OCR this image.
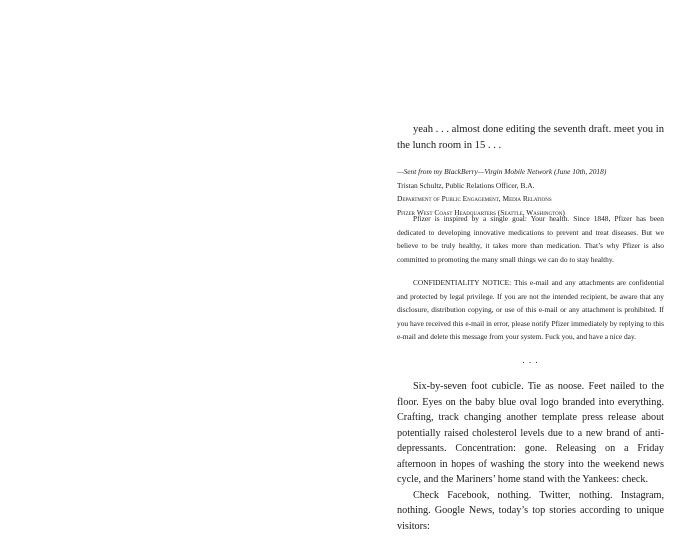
yeah . . . almost done editing the seventh draft. meet you in the lunch room in 15 . . .

—Sent from my BlackBerry—Virgin Mobile Network (June 10th, 2018)
Tristan Schultz, Public Relations Officer, B.A.
Department of Public Engagement, Media Relations
Pfizer West Coast Headquarters (Seattle, Washington)

Pfizer is inspired by a single goal: Your health. Since 1848, Pfizer has been dedicated to developing innovative medications to prevent and treat diseases. But we believe to be truly healthy, it takes more than medication. That’s why Pfizer is also committed to promoting the many small things we can do to stay healthy.

CONFIDENTIALITY NOTICE: This e-mail and any attachments are confidential and protected by legal privilege. If you are not the intended recipient, be aware that any disclosure, distribution copying, or use of this e-mail or any attachment is prohibited. If you have received this e-mail in error, please notify Pfizer immediately by replying to this e-mail and delete this message from your system. Fuck you, and have a nice day.

. . .

Six-by-seven foot cubicle. Tie as noose. Feet nailed to the floor. Eyes on the baby blue oval logo branded into everything. Crafting, track changing another template press release about potentially raised cholesterol levels due to a new brand of anti-depressants. Concentration: gone. Releasing on a Friday afternoon in hopes of washing the story into the weekend news cycle, and the Mariners’ home stand with the Yankees: check.

Check Facebook, nothing. Twitter, nothing. Instagram, nothing. Google News, today’s top stories according to unique visitors:
